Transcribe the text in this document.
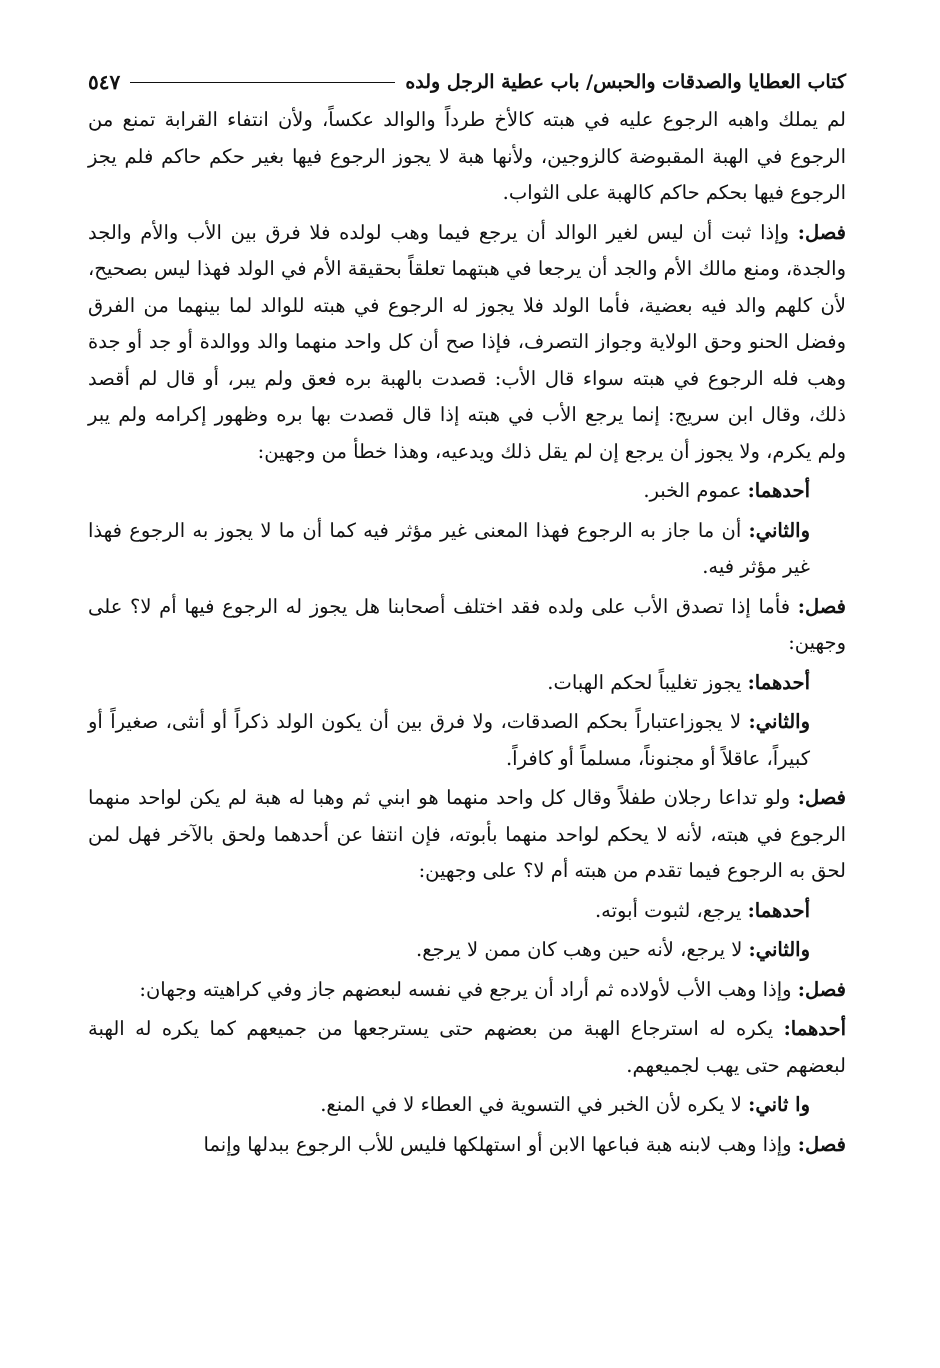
كتاب العطايا والصدقات والحبس/ باب عطية الرجل ولده
٥٤٧

لم يملك واهبه الرجوع عليه في هبته كالأخ طرداً والوالد عكساً، ولأن انتفاء القرابة تمنع من الرجوع في الهبة المقبوضة كالزوجين، ولأنها هبة لا يجوز الرجوع فيها بغير حكم حاكم فلم يجز الرجوع فيها بحكم حاكم كالهبة على الثواب.

فصل: وإذا ثبت أن ليس لغير الوالد أن يرجع فيما وهب لولده فلا فرق بين الأب والأم والجد والجدة، ومنع مالك الأم والجد أن يرجعا في هبتهما تعلقاً بحقيقة الأم في الولد فهذا ليس بصحيح، لأن كلهم والد فيه بعضية، فأما الولد فلا يجوز له الرجوع في هبته للوالد لما بينهما من الفرق وفضل الحنو وحق الولاية وجواز التصرف، فإذا صح أن كل واحد منهما والد ووالدة أو جد أو جدة وهب فله الرجوع في هبته سواء قال الأب: قصدت بالهبة بره فعق ولم يبر، أو قال لم أقصد ذلك، وقال ابن سريج: إنما يرجع الأب في هبته إذا قال قصدت بها بره وظهور إكرامه ولم يبر ولم يكرم، ولا يجوز أن يرجع إن لم يقل ذلك ويدعيه، وهذا خطأ من وجهين:

أحدهما: عموم الخبر.

والثاني: أن ما جاز به الرجوع فهذا المعنى غير مؤثر فيه كما أن ما لا يجوز به الرجوع فهذا غير مؤثر فيه.

فصل: فأما إذا تصدق الأب على ولده فقد اختلف أصحابنا هل يجوز له الرجوع فيها أم لا؟ على وجهين:

أحدهما: يجوز تغليباً لحكم الهبات.

والثاني: لا يجوزاعتباراً بحكم الصدقات، ولا فرق بين أن يكون الولد ذكراً أو أنثى، صغيراً أو كبيراً، عاقلاً أو مجنوناً، مسلماً أو كافراً.

فصل: ولو تداعا رجلان طفلاً وقال كل واحد منهما هو ابني ثم وهبا له هبة لم يكن لواحد منهما الرجوع في هبته، لأنه لا يحكم لواحد منهما بأبوته، فإن انتفا عن أحدهما ولحق بالآخر فهل لمن لحق به الرجوع فيما تقدم من هبته أم لا؟ على وجهين:

أحدهما: يرجع، لثبوت أبوته.

والثاني: لا يرجع، لأنه حين وهب كان ممن لا يرجع.

فصل: وإذا وهب الأب لأولاده ثم أراد أن يرجع في نفسه لبعضهم جاز وفي كراهيته وجهان:

أحدهما: يكره له استرجاع الهبة من بعضهم حتى يسترجعها من جميعهم كما يكره له الهبة لبعضهم حتى يهب لجميعهم.

وا ثاني: لا يكره لأن الخبر في التسوية في العطاء لا في المنع.

فصل: وإذا وهب لابنه هبة فباعها الابن أو استهلكها فليس للأب الرجوع ببدلها وإنما
